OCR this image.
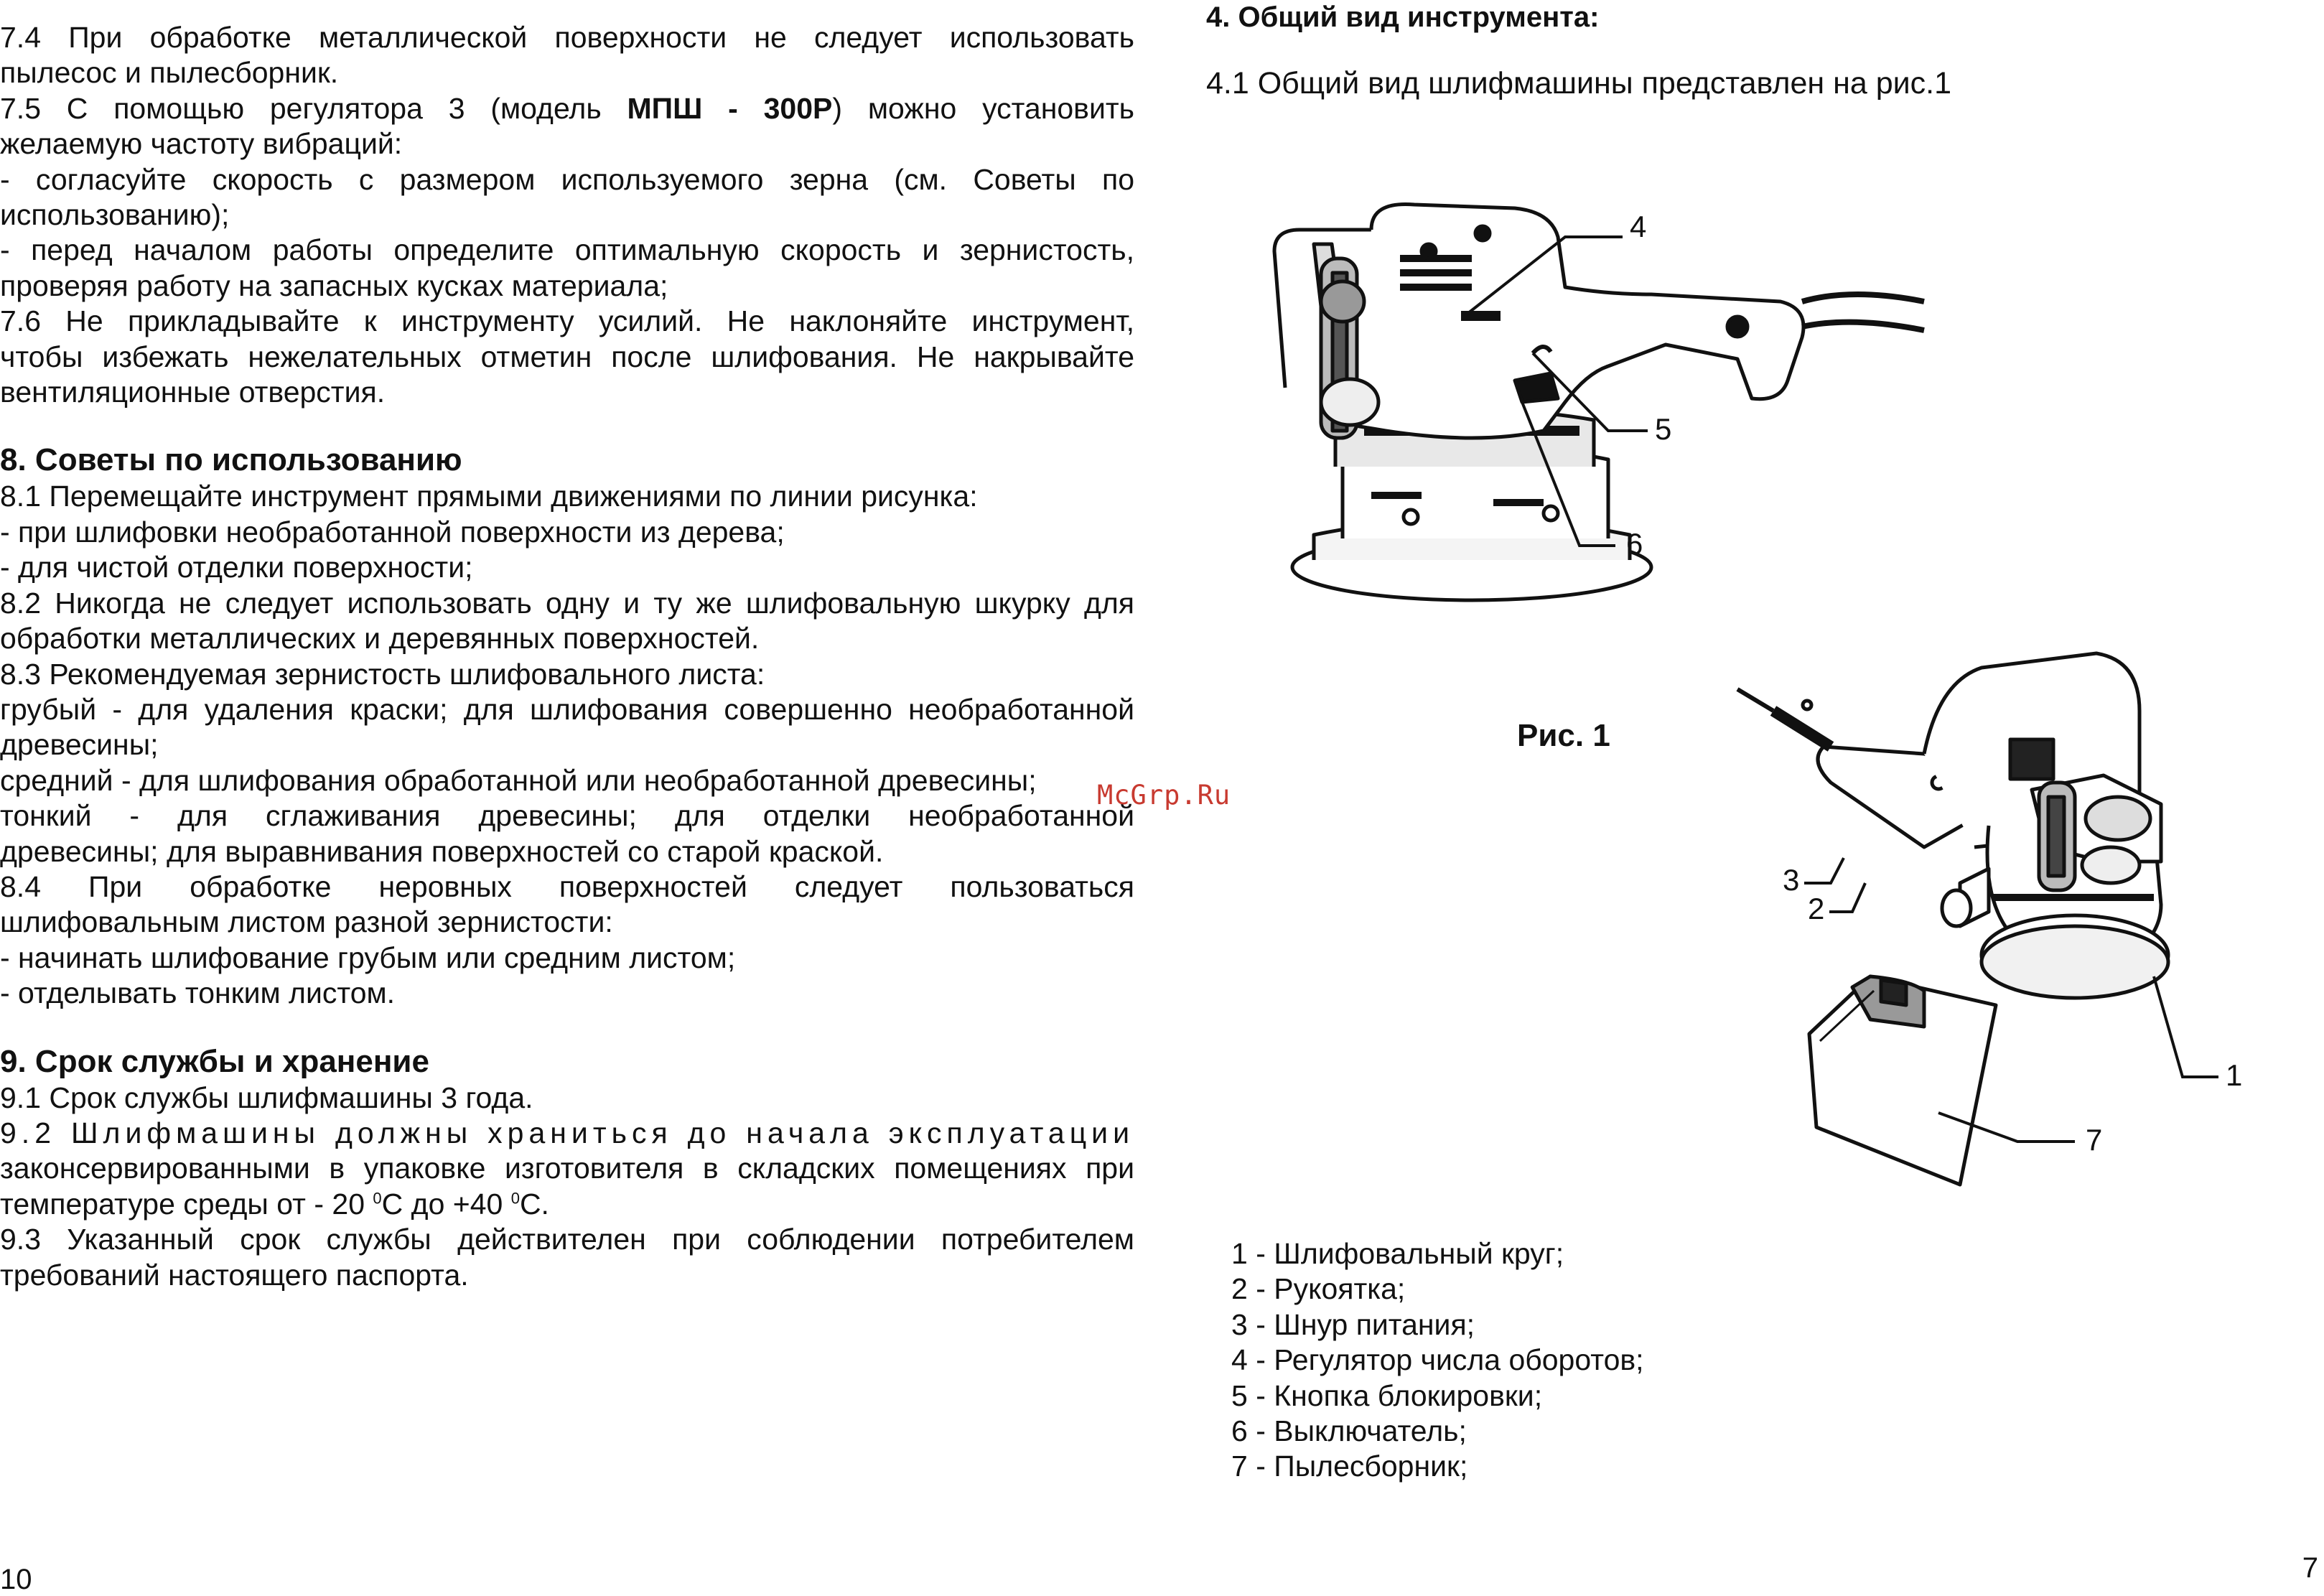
7.4 При обработке металлической поверхности не следует использовать

пылесос и пылесборник.

7.5 С помощью регулятора 3 (модель МПШ - 300Р) можно установить

желаемую частоту вибраций:

- согласуйте скорость с размером используемого зерна (см. Советы по

использованию);

- перед началом работы определите оптимальную скорость и зернистость,

проверяя работу на запасных кусках материала;

7.6 Не прикладывайте к инструменту усилий. Не наклоняйте инструмент,

чтобы избежать нежелательных отметин после шлифования. Не накрывайте

вентиляционные отверстия.

8. Советы по использованию

8.1 Перемещайте инструмент прямыми движениями по линии рисунка:

- при шлифовки необработанной поверхности из дерева;

- для чистой отделки поверхности;

8.2 Никогда не следует использовать одну и ту же шлифовальную шкурку для

обработки металлических и деревянных поверхностей.

8.3 Рекомендуемая зернистость шлифовального листа:

грубый - для удаления краски; для шлифования совершенно необработанной

древесины;

средний - для шлифования обработанной или необработанной древесины;

тонкий - для сглаживания древесины; для отделки необработанной

древесины; для выравнивания поверхностей со старой краской.

8.4 При обработке неровных поверхностей следует пользоваться

шлифовальным листом разной зернистости:

- начинать шлифование грубым или средним листом;

- отделывать тонким листом.

9. Срок службы и хранение

9.1 Срок службы шлифмашины 3 года.

9.2 Шлифмашины должны храниться до начала эксплуатации

законсервированными в упаковке изготовителя в складских помещениях при

температуре среды от - 20 $^0$С до +40 $^0$С.

9.3 Указанный срок службы действителен при соблюдении потребителем

требований настоящего паспорта.

10

McGrp.Ru

4. Общий вид инструмента:

4.1 Общий вид шлифмашины представлен на рис.1

1
2
3
4
5
6
7

Рис. 1

1 - Шлифовальный круг;
2 - Рукоятка;
3 - Шнур питания;
4 - Регулятор числа оборотов;
5 - Кнопка блокировки;
6 - Выключатель;
7 - Пылесборник;

7
